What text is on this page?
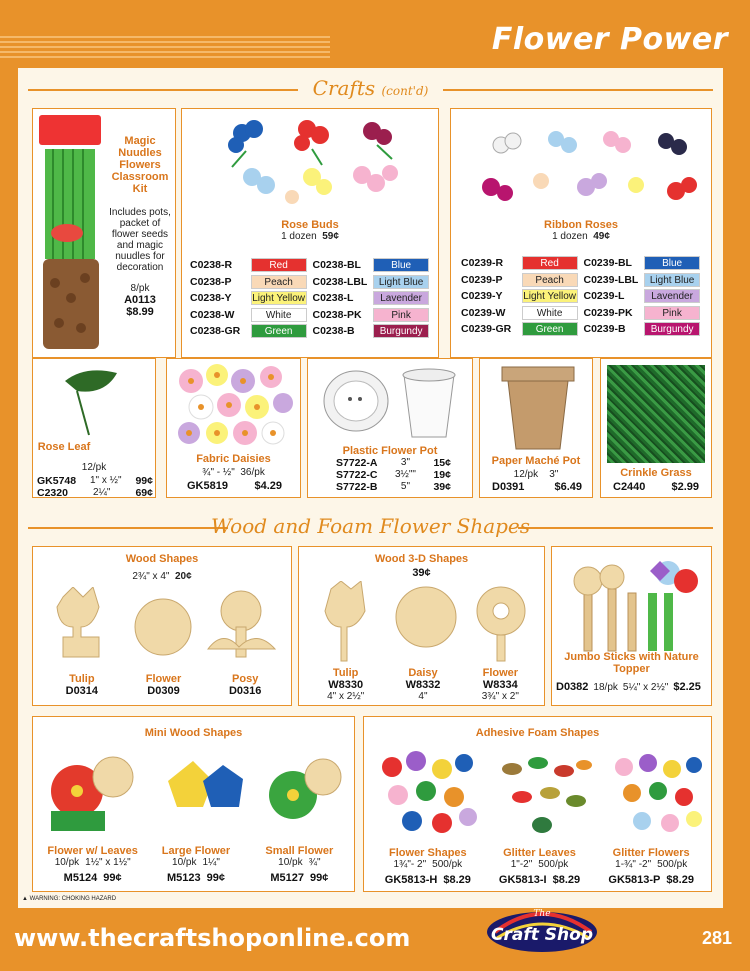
Flower Power
Crafts (cont'd)
Magic Nuudles Flowers Classroom Kit
Includes pots, packet of flower seeds and magic nuudles for decoration
8/pk
A0113
$8.99
Rose Buds
1 dozen 59¢
C0238-R	Red	C0238-BL	Blue
C0238-P	Peach	C0238-LBL	Light Blue
C0238-Y	Light Yellow C0238-L	Lavender
C0238-W	White	C0238-PK	Pink
C0238-GR	Green	C0238-B	Burgundy
Ribbon Roses
1 dozen 49¢
C0239-R	Red	C0239-BL	Blue
C0239-P	Peach	C0239-LBL	Light Blue
C0239-Y	Light Yellow C0239-L	Lavender
C0239-W	White	C0239-PK	Pink
C0239-GR	Green	C0239-B	Burgundy
Rose Leaf
12/pk
GK5748 1" x ½" 99¢
C2320	2¼" 69¢
Fabric Daisies
¾" - ½" 36/pk
GK5819 $4.29
Plastic Flower Pot
S7722-A 3" 15¢
S7722-C 3½"" 19¢
S7722-B 5" 39¢
Paper Maché Pot
12/pk 3"
D0391	$6.49
Crinkle Grass
C2440 $2.99
Wood and Foam Flower Shapes
Wood Shapes
2¾" x 4" 20¢
Tulip
D0314
Flower
D0309
Posy
D0316
Wood 3-D Shapes
39¢
Tulip
W8330
4" x 2½"
Daisy
W8332
4"
Flower
W8334
3¾" x 2"
Jumbo Sticks with Nature Topper
D0382 18/pk 5¼" x 2½" $2.25
Mini Wood Shapes
Flower w/ Leaves
10/pk 1½" x 1½"
M5124 99¢
Large Flower
10/pk 1¼"
M5123 99¢
Small Flower
10/pk ¾"
M5127 99¢
Adhesive Foam Shapes
Flower Shapes
1¾"- 2" 500/pk
GK5813-H $8.29
Glitter Leaves
1"-2" 500/pk
GK5813-I $8.29
Glitter Flowers
1-¾" -2" 500/pk
GK5813-P $8.29
▲ WARNING: CHOKING HAZARD
www.thecraftshoponline.com
The
Craft Shop	281
